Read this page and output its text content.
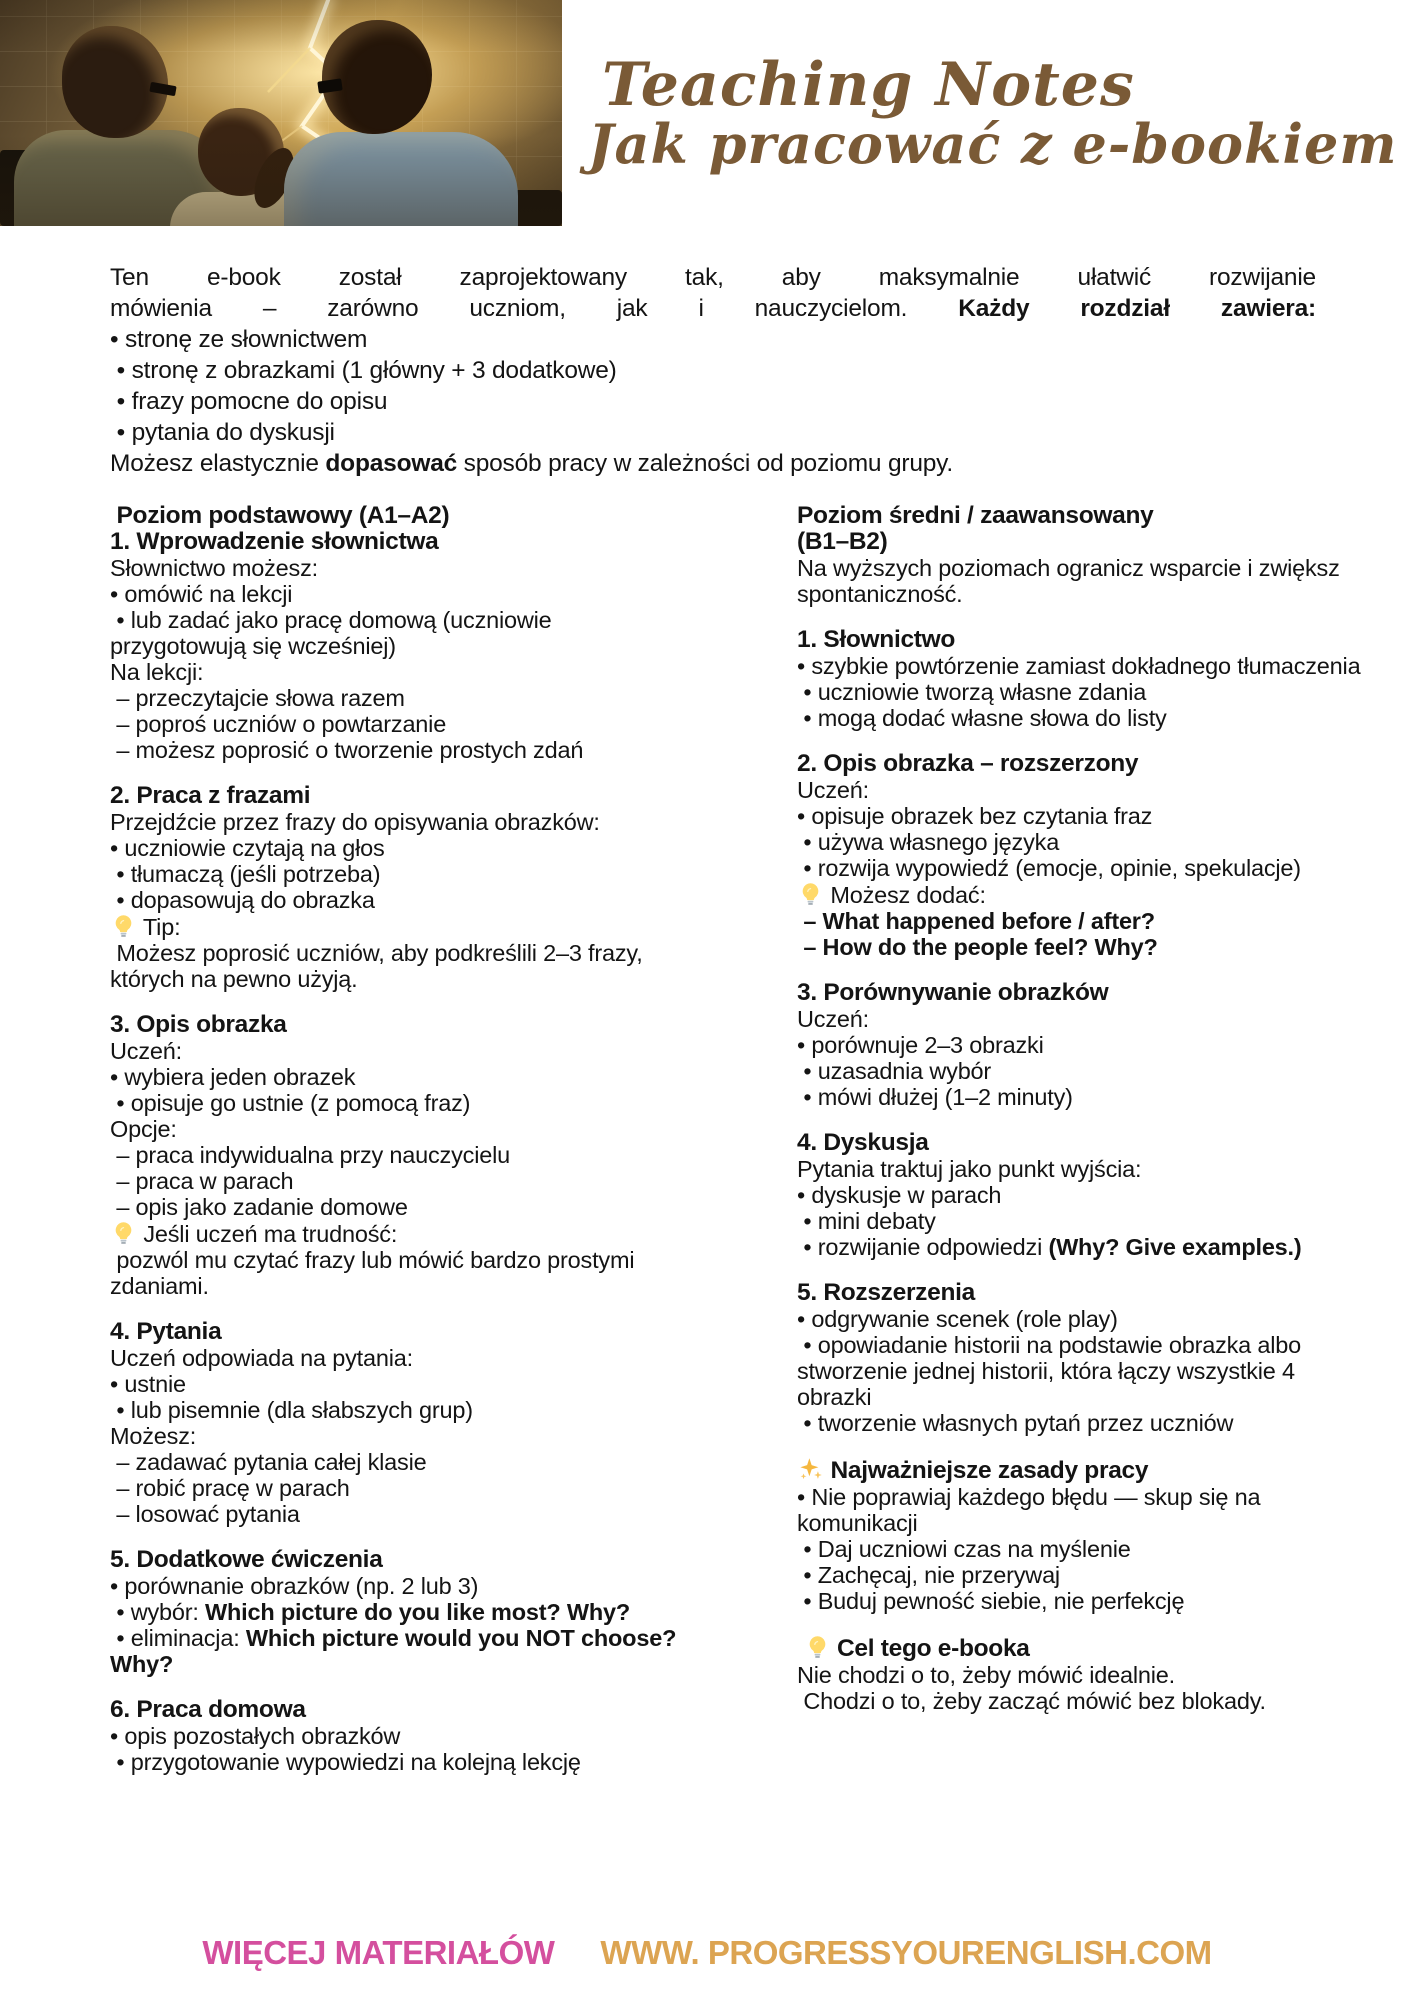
Teaching Notes
Jak pracować z e-bookiem
Ten e-book został zaprojektowany tak, aby maksymalnie ułatwić rozwijanie
mówienia – zarówno uczniom, jak i nauczycielom. Każdy rozdział zawiera:
• stronę ze słownictwem
• stronę z obrazkami (1 główny + 3 dodatkowe)
• frazy pomocne do opisu
• pytania do dyskusji
Możesz elastycznie dopasować sposób pracy w zależności od poziomu grupy.
Poziom podstawowy (A1–A2)
1. Wprowadzenie słownictwa
Słownictwo możesz:
• omówić na lekcji
• lub zadać jako pracę domową (uczniowie przygotowują się wcześniej)
Na lekcji:
– przeczytajcie słowa razem
– poproś uczniów o powtarzanie
– możesz poprosić o tworzenie prostych zdań
2. Praca z frazami
Przejdźcie przez frazy do opisywania obrazków:
• uczniowie czytają na głos
• tłumaczą (jeśli potrzeba)
• dopasowują do obrazka
Tip:
Możesz poprosić uczniów, aby podkreślili 2–3 frazy, których na pewno użyją.
3. Opis obrazka
Uczeń:
• wybiera jeden obrazek
• opisuje go ustnie (z pomocą fraz)
Opcje:
– praca indywidualna przy nauczycielu
– praca w parach
– opis jako zadanie domowe
Jeśli uczeń ma trudność:
pozwól mu czytać frazy lub mówić bardzo prostymi zdaniami.
4. Pytania
Uczeń odpowiada na pytania:
• ustnie
• lub pisemnie (dla słabszych grup)
Możesz:
– zadawać pytania całej klasie
– robić pracę w parach
– losować pytania
5. Dodatkowe ćwiczenia
• porównanie obrazków (np. 2 lub 3)
• wybór: Which picture do you like most? Why?
• eliminacja: Which picture would you NOT choose? Why?
6. Praca domowa
• opis pozostałych obrazków
• przygotowanie wypowiedzi na kolejną lekcję
Poziom średni / zaawansowany
(B1–B2)
Na wyższych poziomach ogranicz wsparcie i zwiększ spontaniczność.
1. Słownictwo
• szybkie powtórzenie zamiast dokładnego tłumaczenia
• uczniowie tworzą własne zdania
• mogą dodać własne słowa do listy
2. Opis obrazka – rozszerzony
Uczeń:
• opisuje obrazek bez czytania fraz
• używa własnego języka
• rozwija wypowiedź (emocje, opinie, spekulacje)
Możesz dodać:
– What happened before / after?
– How do the people feel? Why?
3. Porównywanie obrazków
Uczeń:
• porównuje 2–3 obrazki
• uzasadnia wybór
• mówi dłużej (1–2 minuty)
4. Dyskusja
Pytania traktuj jako punkt wyjścia:
• dyskusje w parach
• mini debaty
• rozwijanie odpowiedzi (Why? Give examples.)
5. Rozszerzenia
• odgrywanie scenek (role play)
• opowiadanie historii na podstawie obrazka albo stworzenie jednej historii, która łączy wszystkie 4 obrazki
• tworzenie własnych pytań przez uczniów
Najważniejsze zasady pracy
• Nie poprawiaj każdego błędu — skup się na komunikacji
• Daj uczniowi czas na myślenie
• Zachęcaj, nie przerywaj
• Buduj pewność siebie, nie perfekcję

Cel tego e-booka
Nie chodzi o to, żeby mówić idealnie.
Chodzi o to, żeby zacząć mówić bez blokady.
WIĘCEJ MATERIAŁÓW WWW. PROGRESSYOURENGLISH.COM
